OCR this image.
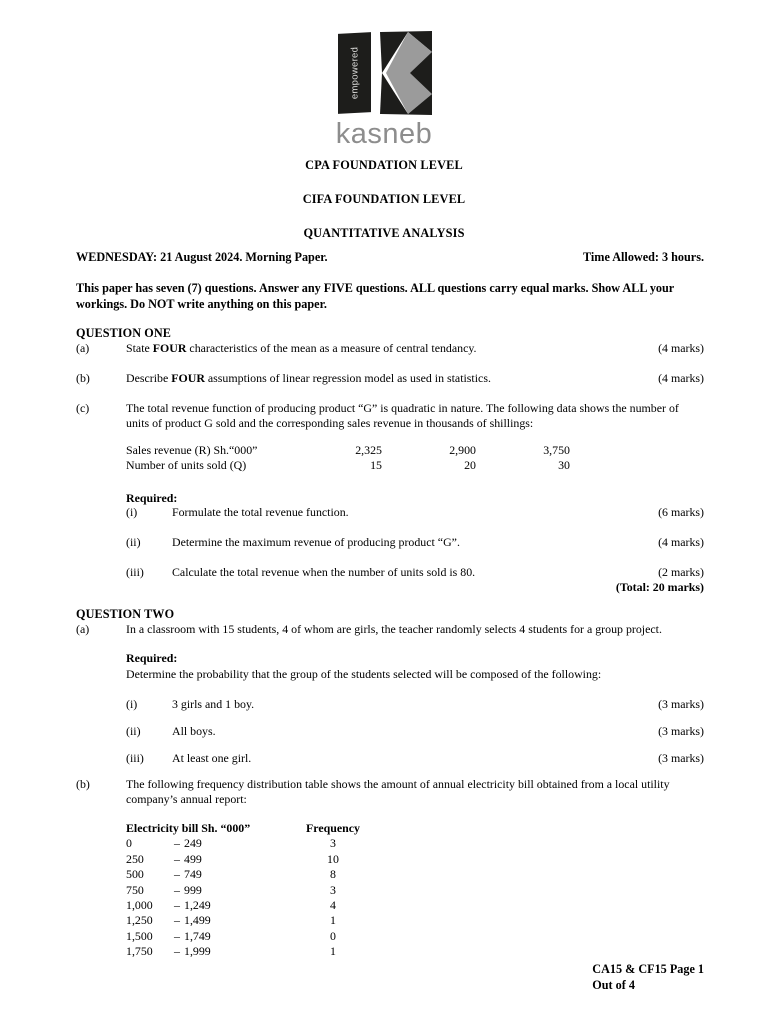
empowered
kasneb
CPA FOUNDATION LEVEL
CIFA FOUNDATION LEVEL
QUANTITATIVE ANALYSIS
WEDNESDAY: 21 August 2024. Morning Paper.	Time Allowed: 3 hours.
This paper has seven (7) questions. Answer any FIVE questions. ALL questions carry equal marks. Show ALL your workings. Do NOT write anything on this paper.
QUESTION ONE
(a)	State FOUR characteristics of the mean as a measure of central tendancy.	(4 marks)
(b)	Describe FOUR assumptions of linear regression model as used in statistics.	(4 marks)
(c)	The total revenue function of producing product “G” is quadratic in nature. The following data shows the number of units of product G sold and the corresponding sales revenue in thousands of shillings:
Sales revenue (R) Sh.“000”	2,325	2,900	3,750
Number of units sold (Q)	15	20	30
Required:
(i)	Formulate the total revenue function.	(6 marks)
(ii)	Determine the maximum revenue of producing product “G”.	(4 marks)
(iii)	Calculate the total revenue when the number of units sold is 80.	(2 marks)
(Total: 20 marks)
QUESTION TWO
(a)	In a classroom with 15 students, 4 of whom are girls, the teacher randomly selects 4 students for a group project.
Required:
Determine the probability that the group of the students selected will be composed of the following:
(i)	3 girls and 1 boy.	(3 marks)
(ii)	All boys.	(3 marks)
(iii)	At least one girl.	(3 marks)
(b)	The following frequency distribution table shows the amount of annual electricity bill obtained from a local utility company’s annual report:
Electricity bill Sh. “000”			Frequency
0	–	249	3
250	–	499	10
500	–	749	8
750	–	999	3
1,000	–	1,249	4
1,250	–	1,499	1
1,500	–	1,749	0
1,750	–	1,999	1
CA15 & CF15 Page 1
Out of 4
